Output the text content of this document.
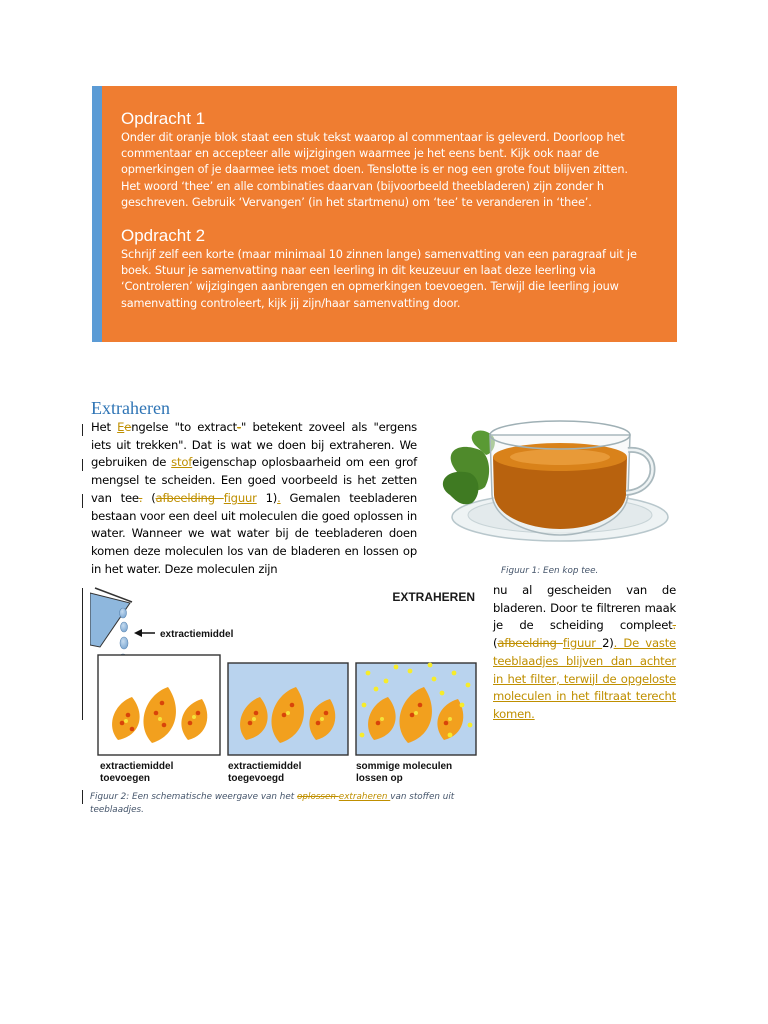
Opdracht 1
Onder dit oranje blok staat een stuk tekst waarop al commentaar is geleverd. Doorloop het
commentaar en accepteer alle wijzigingen waarmee je het eens bent. Kijk ook naar de
opmerkingen of je daarmee iets moet doen. Tenslotte is er nog een grote fout blijven zitten.
Het woord ‘thee’ en alle combinaties daarvan (bijvoorbeeld theebladeren) zijn zonder h
geschreven. Gebruik ‘Vervangen’ (in het startmenu) om ‘tee’ te veranderen in ‘thee’.
Opdracht 2
Schrijf zelf een korte (maar minimaal 10 zinnen lange) samenvatting van een paragraaf uit je
boek. Stuur je samenvatting naar een leerling in dit keuzeuur en laat deze leerling via
‘Controleren’ wijzigingen aanbrengen en opmerkingen toevoegen. Terwijl die leerling jouw
samenvatting controleert, kijk jij zijn/haar samenvatting door.
Extraheren
Het Eengelse "to extract-" betekent zoveel als "ergens iets uit trekken". Dat is wat we doen bij extraheren. We gebruiken de stofeigenschap oplosbaarheid om een grof mengsel te scheiden. Een goed voorbeeld is het zetten van tee. (afbeelding figuur 1). Gemalen teebladeren bestaan voor een deel uit moleculen die goed oplossen in water. Wanneer we wat water bij de teebladeren doen komen deze moleculen los van de bladeren en lossen op in het water. Deze moleculen zijn
nu al gescheiden van de bladeren. Door te filtreren maak je de scheiding compleet. (afbeelding figuur 2). De vaste teeblaadjes blijven dan achter in het filter, terwijl de opgeloste moleculen in het filtraat terecht komen.
Figuur 1: Een kop tee.
EXTRAHEREN
extractiemiddel
extractiemiddel
toevoegen
extractiemiddel
toegevoegd
sommige moleculen
lossen op
Figuur 2: Een schematische weergave van het oplossen extraheren van stoffen uit teeblaadjes.
